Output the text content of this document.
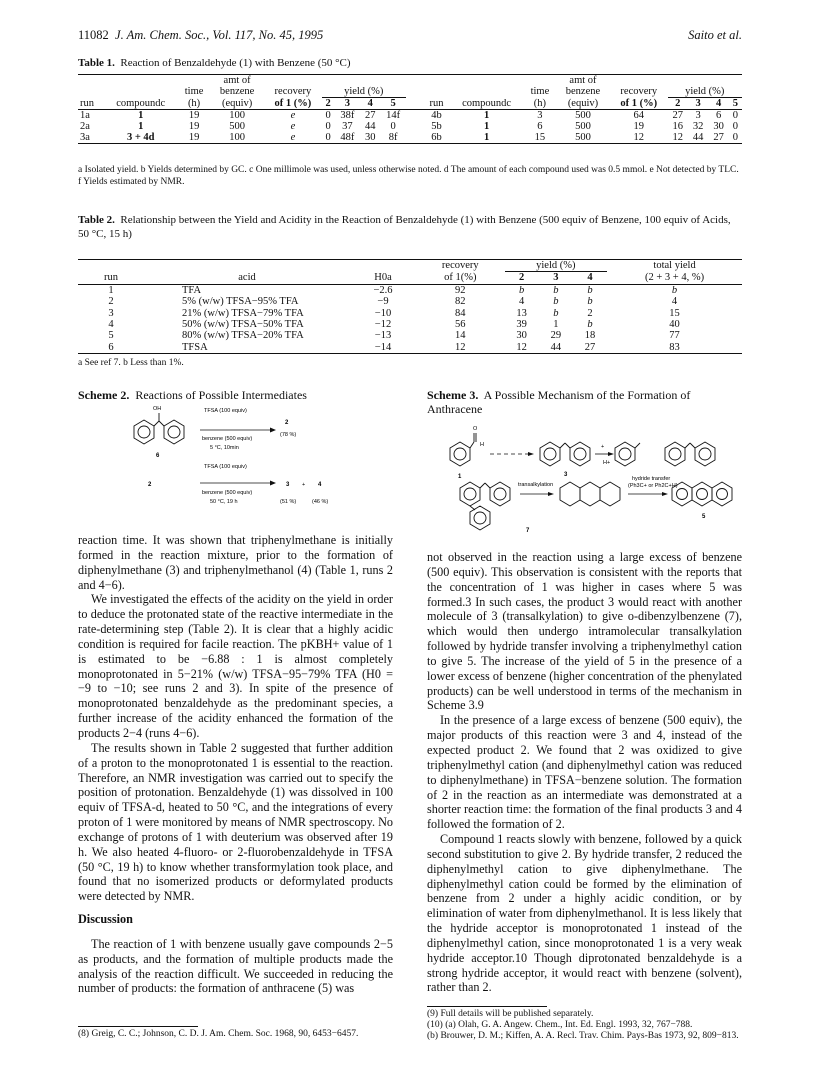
11082 J. Am. Chem. Soc., Vol. 117, No. 45, 1995	Saito et al.
Table 1. Reaction of Benzaldehyde (1) with Benzene (50 °C)
			amt of										amt of					
		time	benzene	recovery	yield (%)							time	benzene	recovery	yield (%)			
run	compoundc	(h)	(equiv)	of 1 (%)	2	3	4	5		run	compoundc	(h)	(equiv)	of 1 (%)	2	3	4	5
1a	1	19	100	e	0	38f	27	14f		4b	1	3	500	64	27	3	6	0
2a	1	19	500	e	0	37	44	0		5b	1	6	500	19	16	32	30	0
3a	3 + 4d	19	100	e	0	48f	30	8f		6b	1	15	500	12	12	44	27	0
a Isolated yield. b Yields determined by GC. c One millimole was used, unless otherwise noted. d The amount of each compound used was 0.5 mmol. e Not detected by TLC. f Yields estimated by NMR.
Table 2. Relationship between the Yield and Acidity in the Reaction of Benzaldehyde (1) with Benzene (500 equiv of Benzene, 100 equiv of Acids, 50 °C, 15 h)
			recovery	yield (%)			total yield
run	acid	H0a	of 1(%)	2	3	4	(2 + 3 + 4, %)
1	TFA	−2.6	92	b	b	b	b
2	5% (w/w) TFSA−95% TFA	−9	82	4	b	b	4
3	21% (w/w) TFSA−79% TFA	−10	84	13	b	2	15
4	50% (w/w) TFSA−50% TFA	−12	56	39	1	b	40
5	80% (w/w) TFSA−20% TFA	−13	14	30	29	18	77
6	TFSA	−14	12	12	44	27	83
a See ref 7. b Less than 1%.
Scheme 2. Reactions of Possible Intermediates
OH
6
TFSA (100 equiv)
benzene (500 equiv)
5 °C, 10min
2
(78 %)
2
TFSA (100 equiv)
benzene (500 equiv)
50 °C, 19 h
3 + 4
(51 %)	(46 %)
Scheme 3. A Possible Mechanism of the Formation of Anthracene
O
H	+
H+
1	3
hydride transfer
(Ph3C+ or Ph2C+H)
transalkylation
7
5

reaction time. It was shown that triphenylmethane is initially formed in the reaction mixture, prior to the formation of diphenylmethane (3) and triphenylmethanol (4) (Table 1, runs 2 and 4−6).

We investigated the effects of the acidity on the yield in order to deduce the protonated state of the reactive intermediate in the rate-determining step (Table 2). It is clear that a highly acidic condition is required for facile reaction. The pKBH+ value of 1 is estimated to be −6.88 : 1 is almost completely monoprotonated in 5−21% (w/w) TFSA−95−79% TFA (H0 = −9 to −10; see runs 2 and 3). In spite of the presence of monoprotonated benzaldehyde as the predominant species, a further increase of the acidity enhanced the formation of the products 2−4 (runs 4−6).

The results shown in Table 2 suggested that further addition of a proton to the monoprotonated 1 is essential to the reaction. Therefore, an NMR investigation was carried out to specify the position of protonation. Benzaldehyde (1) was dissolved in 100 equiv of TFSA-d, heated to 50 °C, and the integrations of every proton of 1 were monitored by means of NMR spectroscopy. No exchange of protons of 1 with deuterium was observed after 19 h. We also heated 4-fluoro- or 2-fluorobenzaldehyde in TFSA (50 °C, 19 h) to know whether transformylation took place, and found that no isomerized products or deformylated products were detected by NMR.

Discussion

The reaction of 1 with benzene usually gave compounds 2−5 as products, and the formation of multiple products made the analysis of the reaction difficult. We succeeded in reducing the number of products: the formation of anthracene (5) was

(8) Greig, C. C.; Johnson, C. D. J. Am. Chem. Soc. 1968, 90, 6453−6457.

not observed in the reaction using a large excess of benzene (500 equiv). This observation is consistent with the reports that the concentration of 1 was higher in cases where 5 was formed.3 In such cases, the product 3 would react with another molecule of 3 (transalkylation) to give o-dibenzylbenzene (7), which would then undergo intramolecular transalkylation followed by hydride transfer involving a triphenylmethyl cation to give 5. The increase of the yield of 5 in the presence of a lower excess of benzene (higher concentration of the phenylated products) can be well understood in terms of the mechanism in Scheme 3.9

In the presence of a large excess of benzene (500 equiv), the major products of this reaction were 3 and 4, instead of the expected product 2. We found that 2 was oxidized to give triphenylmethyl cation (and diphenylmethyl cation was reduced to diphenylmethane) in TFSA−benzene solution. The formation of 2 in the reaction as an intermediate was demonstrated at a shorter reaction time: the formation of the final products 3 and 4 followed the formation of 2.

Compound 1 reacts slowly with benzene, followed by a quick second substitution to give 2. By hydride transfer, 2 reduced the diphenylmethyl cation to give diphenylmethane. The diphenylmethyl cation could be formed by the elimination of benzene from 2 under a highly acidic condition, or by elimination of water from diphenylmethanol. It is less likely that the hydride acceptor is monoprotonated 1 instead of the diphenylmethyl cation, since monoprotonated 1 is a very weak hydride acceptor.10 Though diprotonated benzaldehyde is a strong hydride acceptor, it would react with benzene (solvent), rather than 2.

(9) Full details will be published separately.
(10) (a) Olah, G. A. Angew. Chem., Int. Ed. Engl. 1993, 32, 767−788.
(b) Brouwer, D. M.; Kiffen, A. A. Recl. Trav. Chim. Pays-Bas 1973, 92, 809−813.
